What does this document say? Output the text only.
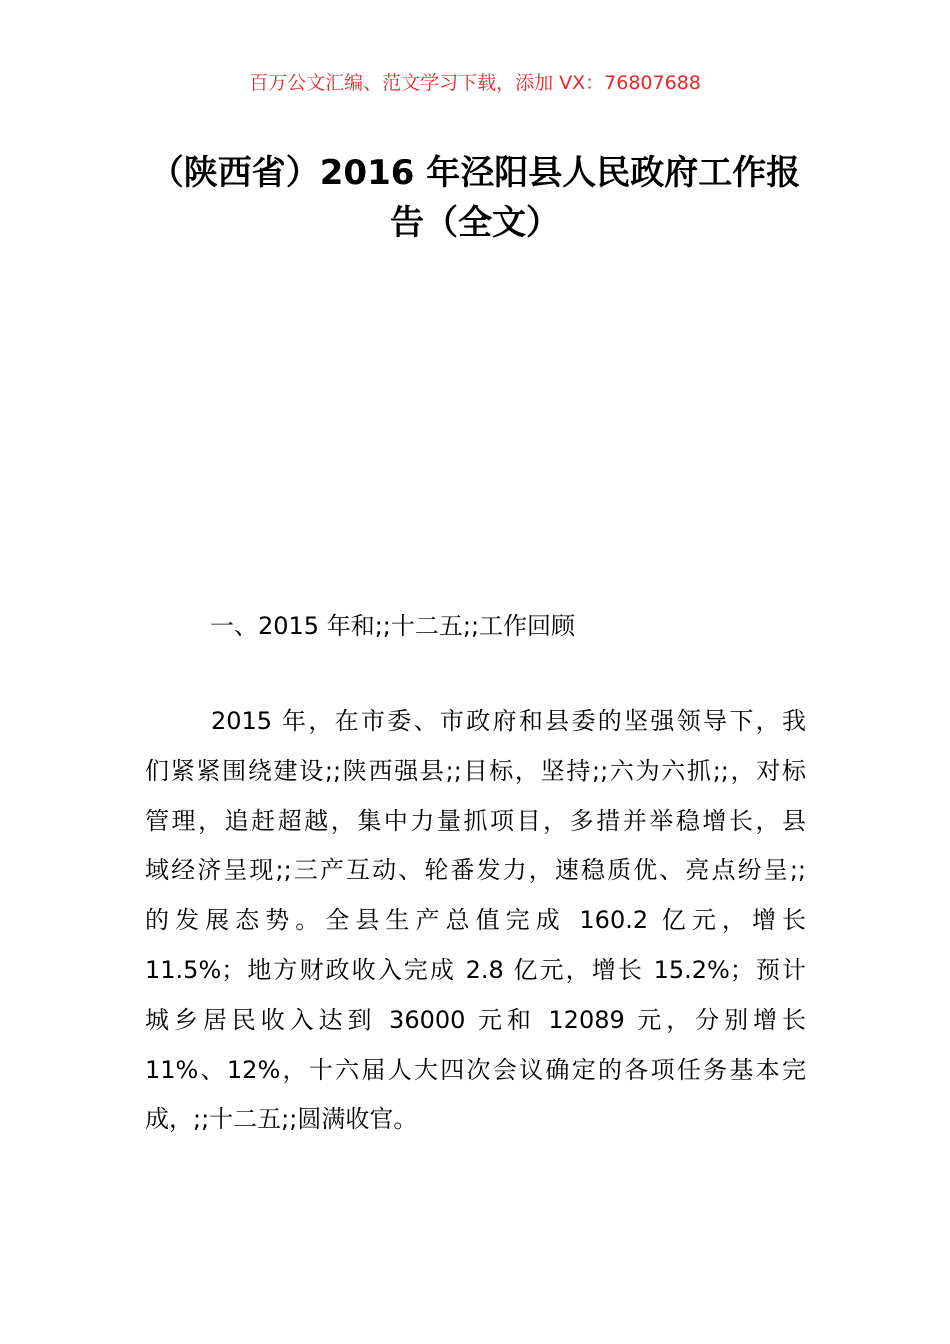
百万公文汇编、范文学习下载，添加 VX：76807688
（陕西省）2016 年泾阳县人民政府工作报
告（全文）
一、2015 年和;;十二五;;工作回顾
2015 年，在市委、市政府和县委的坚强领导下，我
们紧紧围绕建设;;陕西强县;;目标，坚持;;六为六抓;;，对标
管理，追赶超越，集中力量抓项目，多措并举稳增长，县
域经济呈现;;三产互动、轮番发力，速稳质优、亮点纷呈;;
的发展态势。全县生产总值完成 160.2 亿元，增长
11.5%；地方财政收入完成 2.8 亿元，增长 15.2%；预计
城乡居民收入达到 36000 元和 12089 元，分别增长
11%、12%，十六届人大四次会议确定的各项任务基本完
成，;;十二五;;圆满收官。
